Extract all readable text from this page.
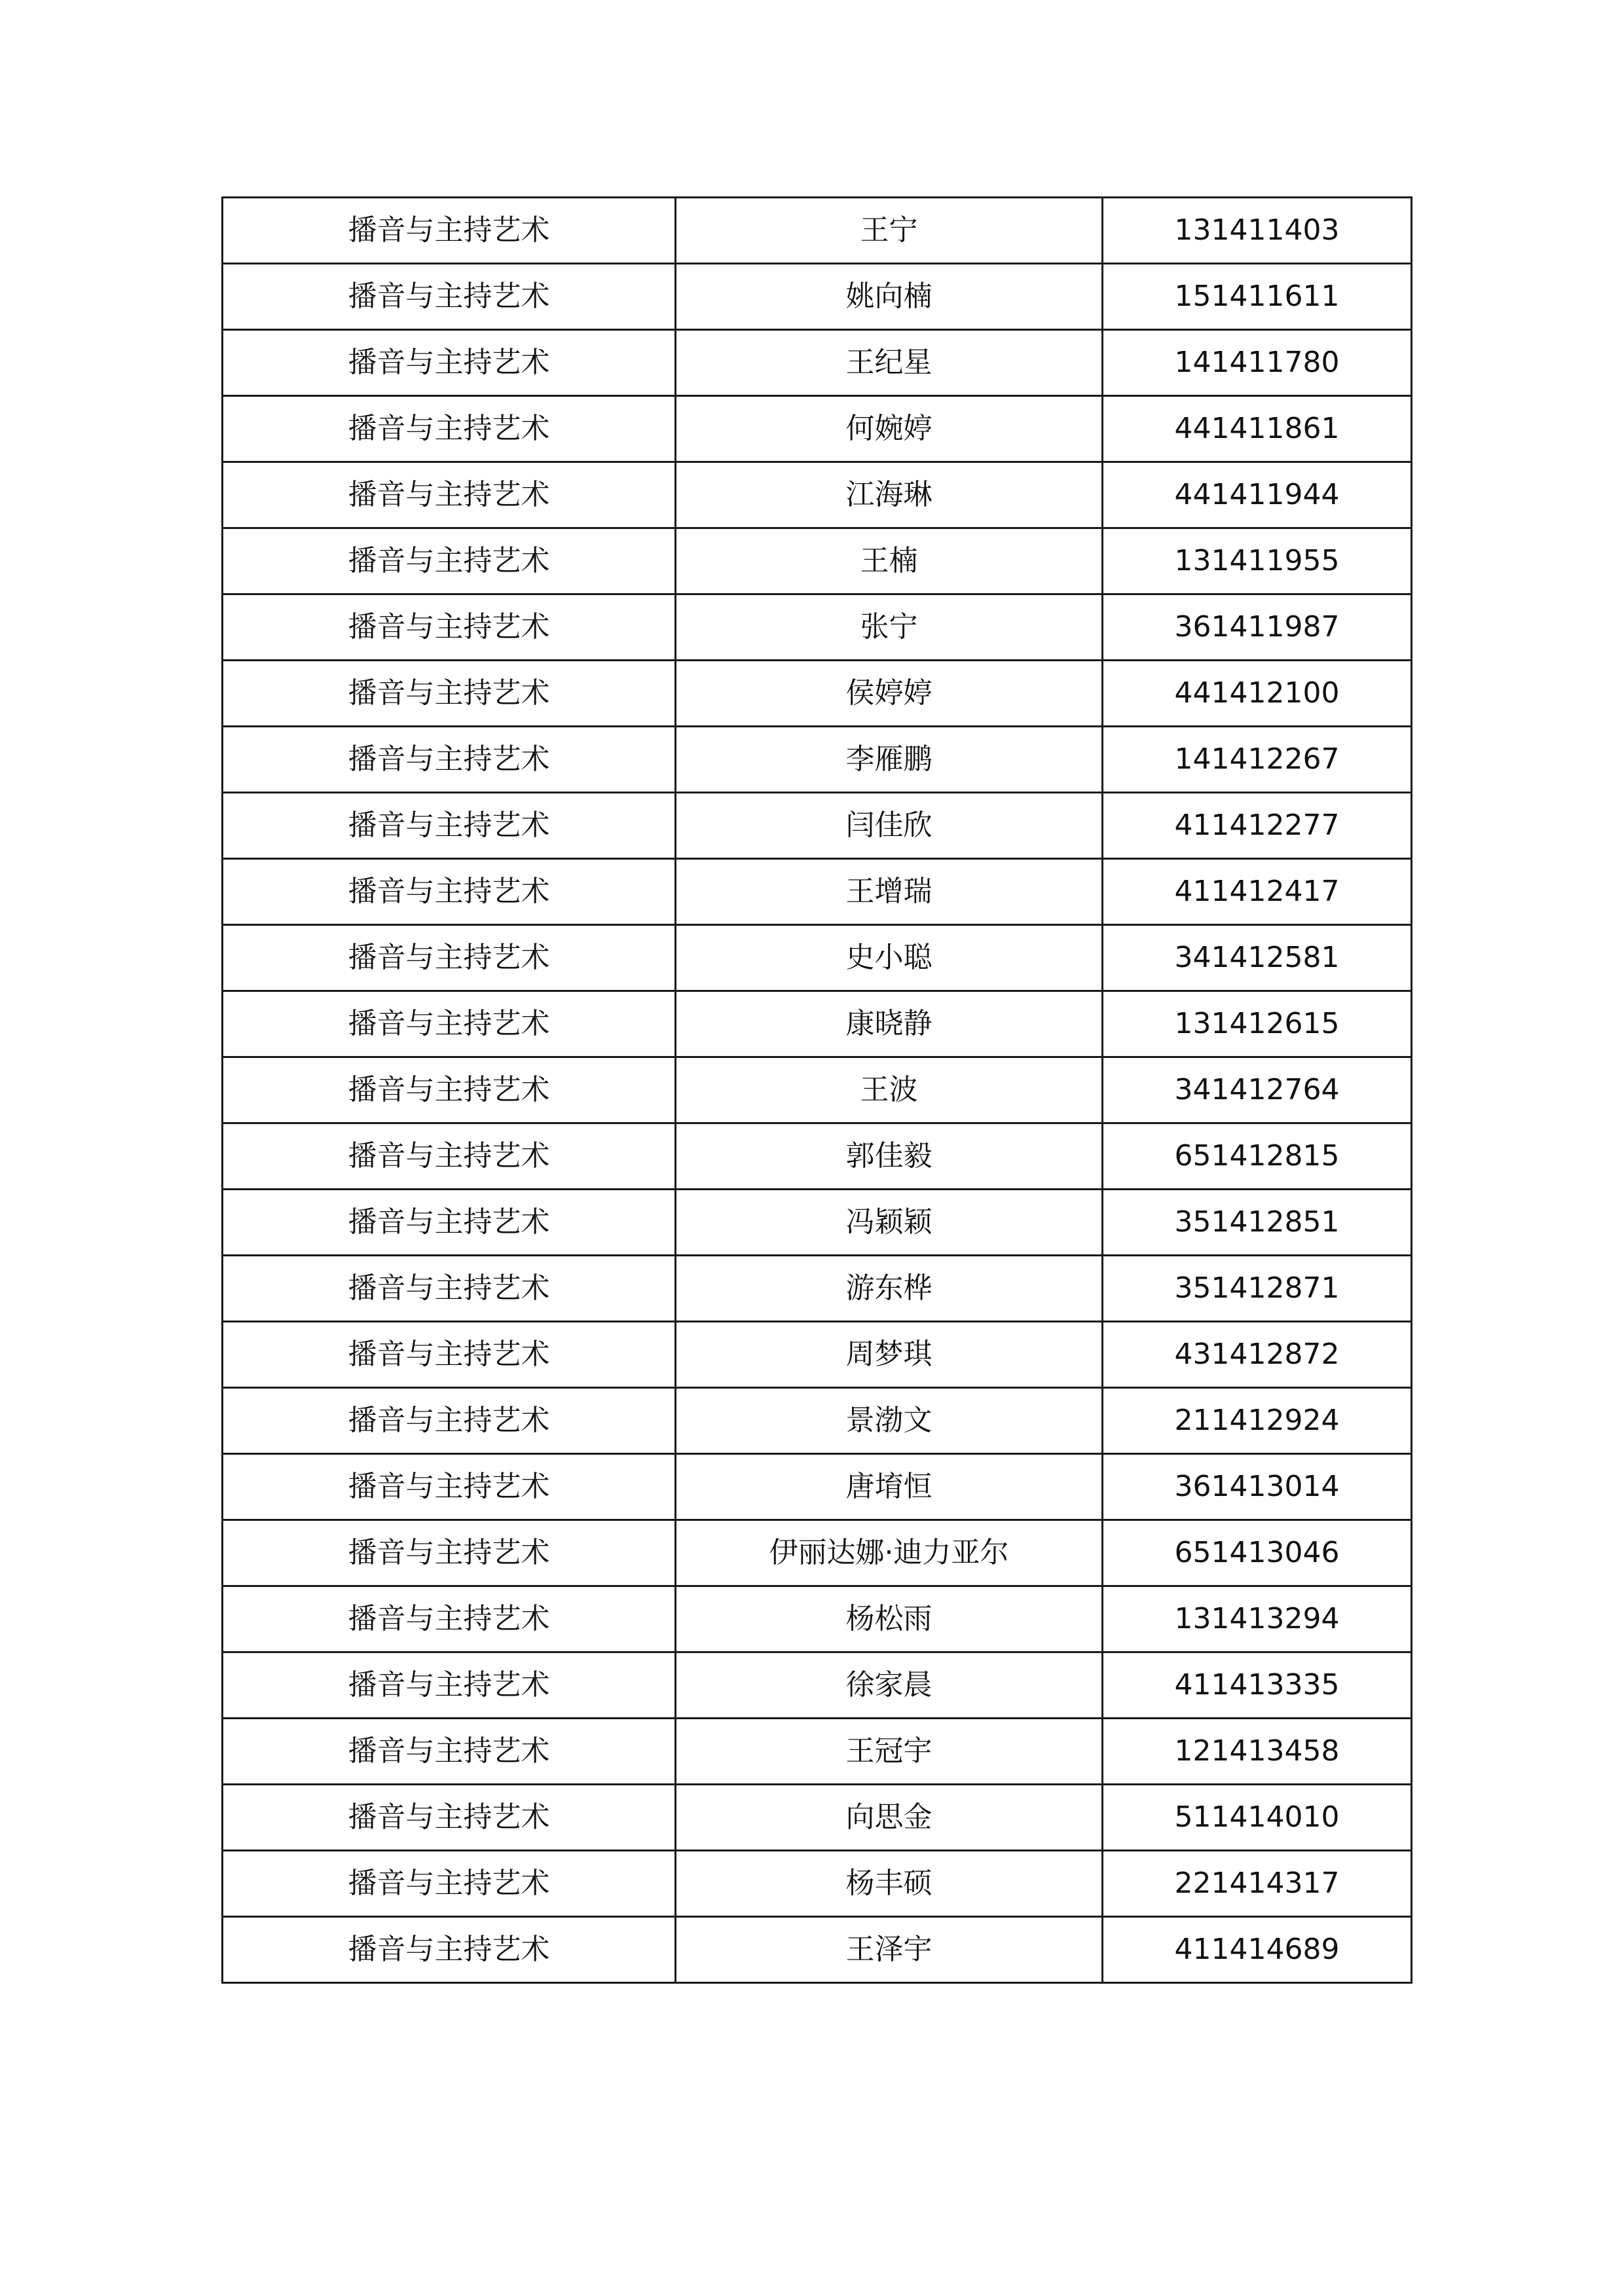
播音与主持艺术	王宁	131411403
播音与主持艺术	姚向楠	151411611
播音与主持艺术	王纪星	141411780
播音与主持艺术	何婉婷	441411861
播音与主持艺术	江海琳	441411944
播音与主持艺术	王楠	131411955
播音与主持艺术	张宁	361411987
播音与主持艺术	侯婷婷	441412100
播音与主持艺术	李雁鹏	141412267
播音与主持艺术	闫佳欣	411412277
播音与主持艺术	王增瑞	411412417
播音与主持艺术	史小聪	341412581
播音与主持艺术	康晓静	131412615
播音与主持艺术	王波	341412764
播音与主持艺术	郭佳毅	651412815
播音与主持艺术	冯颖颖	351412851
播音与主持艺术	游东桦	351412871
播音与主持艺术	周梦琪	431412872
播音与主持艺术	景渤文	211412924
播音与主持艺术	唐堉恒	361413014
播音与主持艺术	伊丽达娜·迪力亚尔	651413046
播音与主持艺术	杨松雨	131413294
播音与主持艺术	徐家晨	411413335
播音与主持艺术	王冠宇	121413458
播音与主持艺术	向思金	511414010
播音与主持艺术	杨丰硕	221414317
播音与主持艺术	王泽宇	411414689
